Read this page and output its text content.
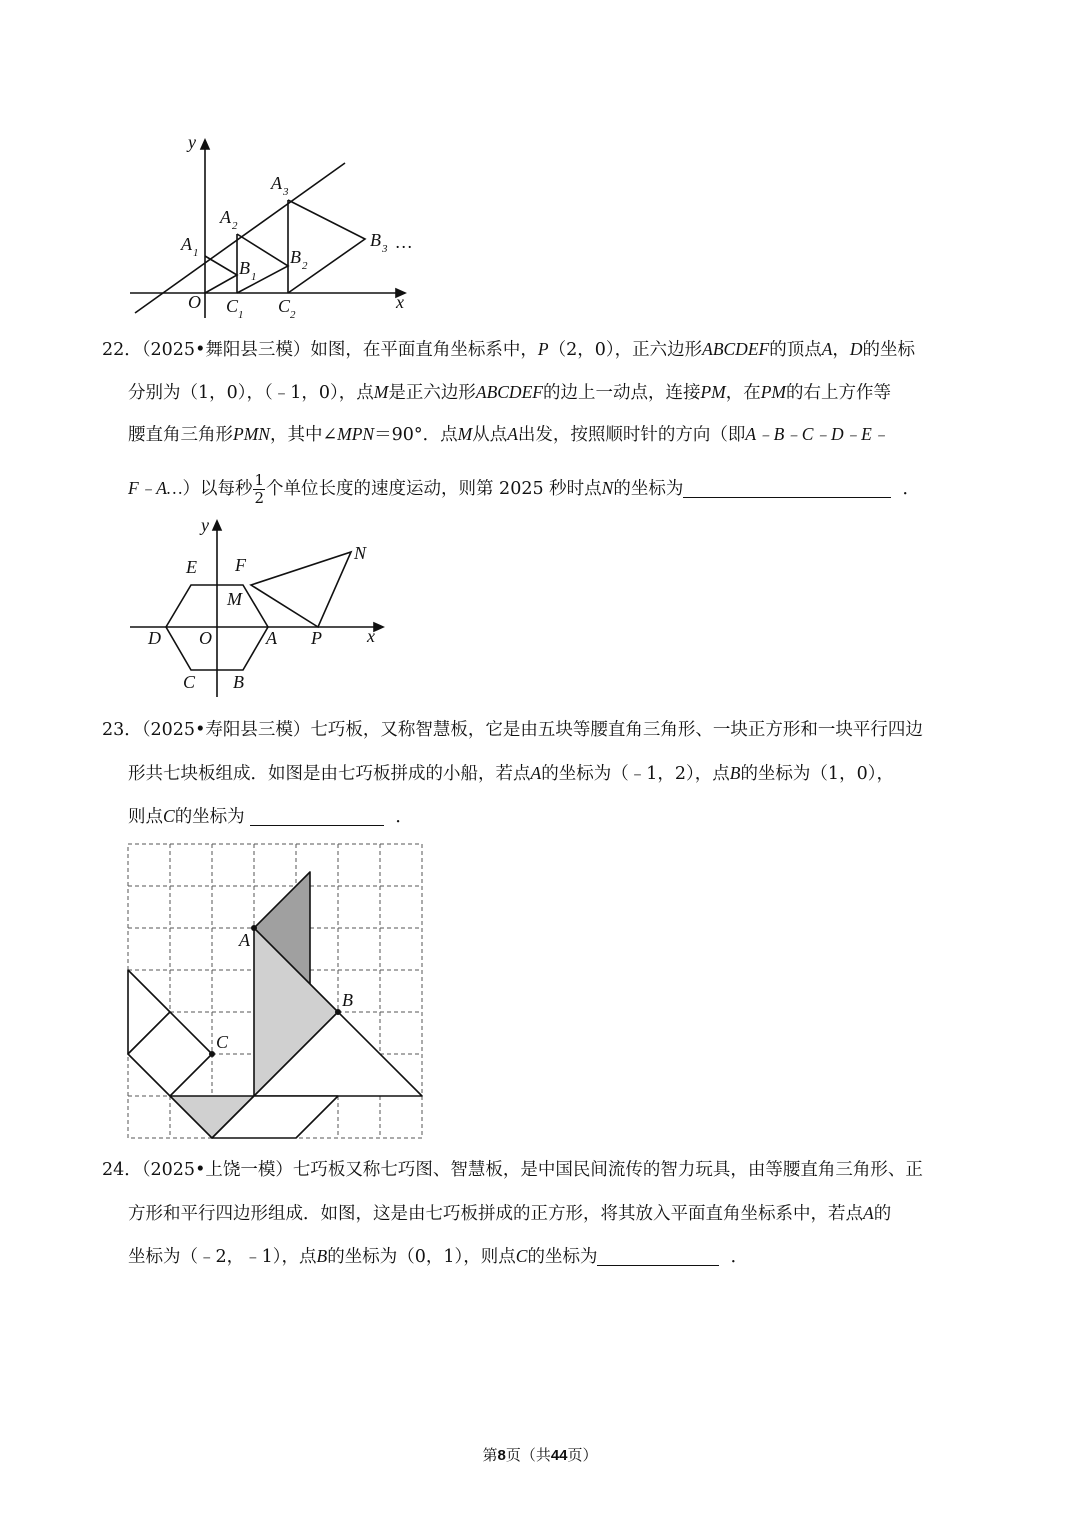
y
x
O
A 1
A 2
A 3
B 1
B 2
B 3 …
C 1 C 2
22．（2025•舞阳县三模）如图，在平面直角坐标系中，P（2，0），正六边形ABCDEF的顶点A，D的坐标
分别为（1，0），（﹣1，0），点M是正六边形ABCDEF的边上一动点，连接PM，在PM的右上方作等
腰直角三角形PMN，其中∠MPN＝90°．点M从点A出发，按照顺时针的方向（即A﹣B﹣C﹣D﹣E﹣
F﹣A…）以每秒 $\frac{1}{2}$ 个单位长度的速度运动，则第 2025 秒时点N的坐标为	．
y
x
E F
M
N
D O	A P
C B
23．（2025•寿阳县三模）七巧板，又称智慧板，它是由五块等腰直角三角形、一块正方形和一块平行四边
形共七块板组成．如图是由七巧板拼成的小船，若点A的坐标为（﹣1，2），点B的坐标为（1，0），
则点C的坐标为	．
A
B
C
24．（2025•上饶一模）七巧板又称七巧图、智慧板，是中国民间流传的智力玩具，由等腰直角三角形、正
方形和平行四边形组成．如图，这是由七巧板拼成的正方形，将其放入平面直角坐标系中，若点A的
坐标为（﹣2，﹣1），点B的坐标为（0，1），则点C的坐标为	．
第8页（共44页）
